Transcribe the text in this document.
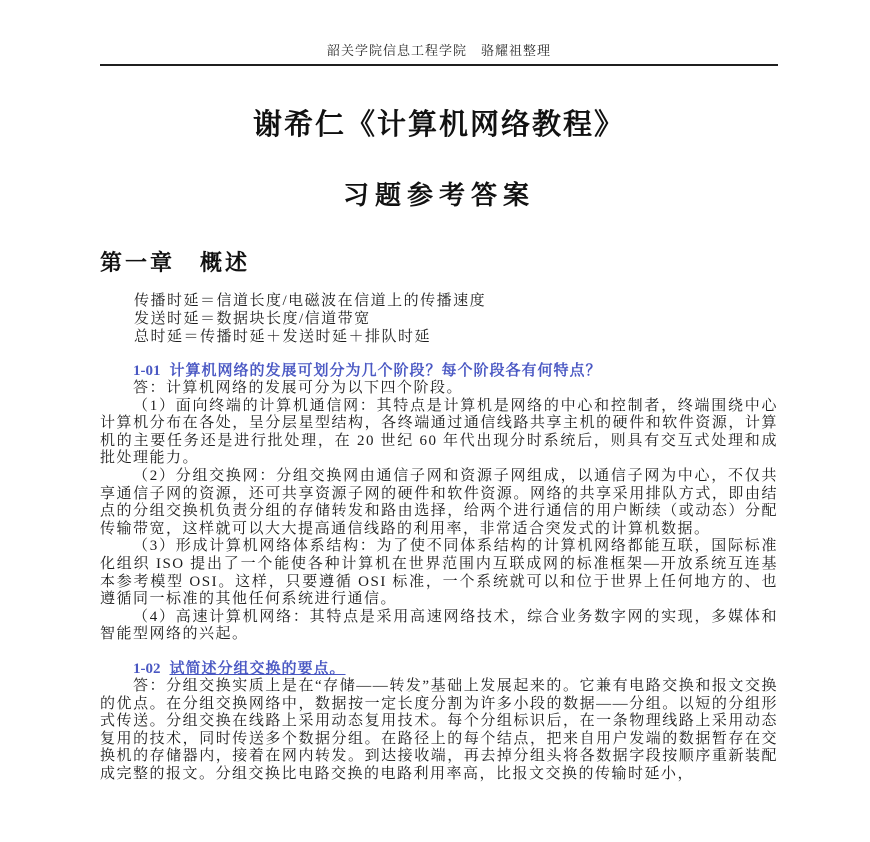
韶关学院信息工程学院　骆耀祖整理
谢希仁《计算机网络教程》
习题参考答案
第一章　概述
传播时延＝信道长度/电磁波在信道上的传播速度
发送时延＝数据块长度/信道带宽
总时延＝传播时延＋发送时延＋排队时延
1-01 计算机网络的发展可划分为几个阶段？每个阶段各有何特点？

答：计算机网络的发展可分为以下四个阶段。

（1）面向终端的计算机通信网：其特点是计算机是网络的中心和控制者，终端围绕中心计算机分布在各处，呈分层星型结构，各终端通过通信线路共享主机的硬件和软件资源，计算机的主要任务还是进行批处理，在 20 世纪 60 年代出现分时系统后，则具有交互式处理和成批处理能力。

（2）分组交换网：分组交换网由通信子网和资源子网组成，以通信子网为中心，不仅共享通信子网的资源，还可共享资源子网的硬件和软件资源。网络的共享采用排队方式，即由结点的分组交换机负责分组的存储转发和路由选择，给两个进行通信的用户断续（或动态）分配传输带宽，这样就可以大大提高通信线路的利用率，非常适合突发式的计算机数据。

（3）形成计算机网络体系结构：为了使不同体系结构的计算机网络都能互联，国际标准化组织 ISO 提出了一个能使各种计算机在世界范围内互联成网的标准框架—开放系统互连基本参考模型 OSI。这样，只要遵循 OSI 标准，一个系统就可以和位于世界上任何地方的、也遵循同一标准的其他任何系统进行通信。

（4）高速计算机网络：其特点是采用高速网络技术，综合业务数字网的实现，多媒体和智能型网络的兴起。

1-02 试简述分组交换的要点。

答：分组交换实质上是在“存储——转发”基础上发展起来的。它兼有电路交换和报文交换的优点。在分组交换网络中，数据按一定长度分割为许多小段的数据——分组。以短的分组形式传送。分组交换在线路上采用动态复用技术。每个分组标识后，在一条物理线路上采用动态复用的技术，同时传送多个数据分组。在路径上的每个结点，把来自用户发端的数据暂存在交换机的存储器内，接着在网内转发。到达接收端，再去掉分组头将各数据字段按顺序重新装配成完整的报文。分组交换比电路交换的电路利用率高，比报文交换的传输时延小，
